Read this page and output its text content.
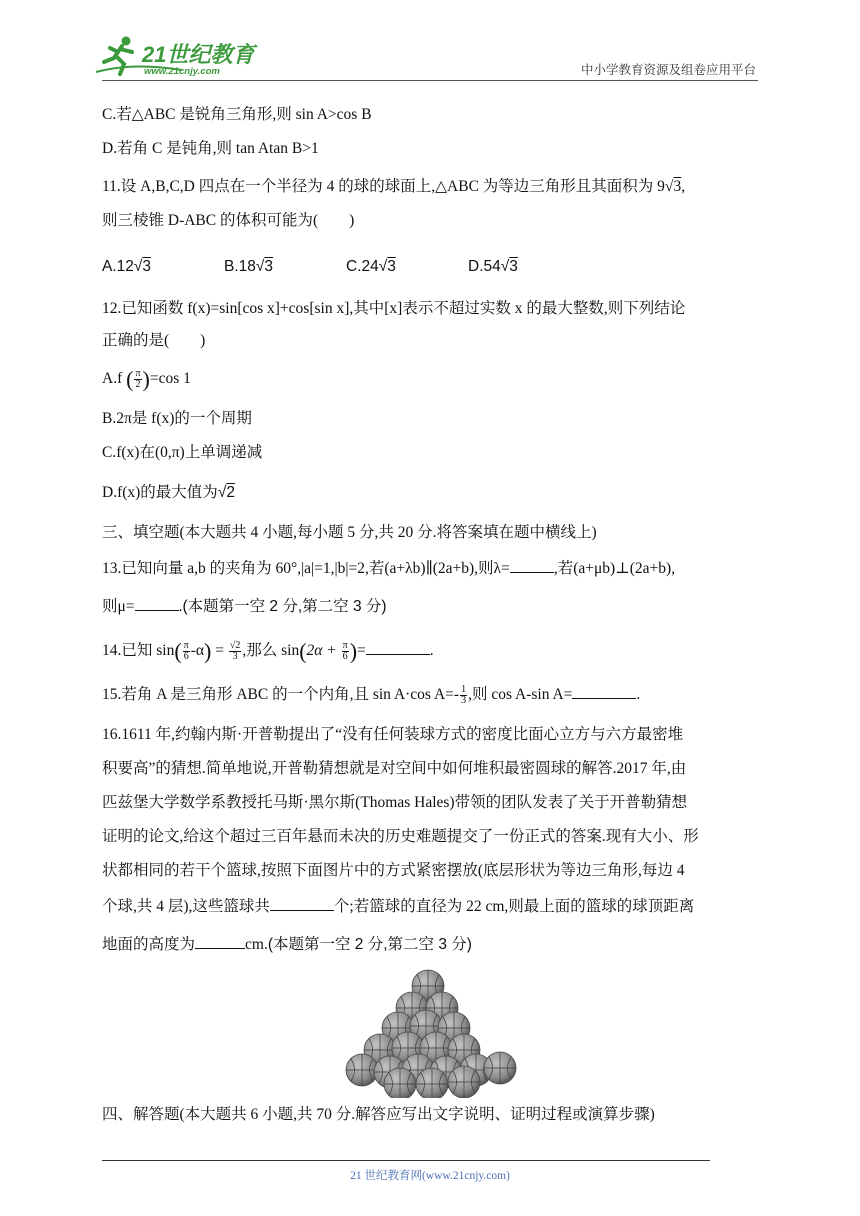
21世纪教育
www.21cnjy.com	中小学教育资源及组卷应用平台
C.若△ABC 是锐角三角形,则 sin A>cos B
D.若角 C 是钝角,则 tan Atan B>1
11.设 A,B,C,D 四点在一个半径为 4 的球的球面上,△ABC 为等边三角形且其面积为 9√3,
则三棱锥 D-ABC 的体积可能为(　　)
A.12√3	B.18√3	C.24√3	D.54√3
12.已知函数 f(x)=sin[cos x]+cos[sin x],其中[x]表示不超过实数 x 的最大整数,则下列结论
正确的是(　　)
A.f ( $\frac{\pi}{2} )=\cos$ 1
B.2π是 f(x)的一个周期
C.f(x)在(0,π)上单调递减
D.f(x)的最大值为√2
三、填空题(本大题共 4 小题,每小题 5 分,共 20 分.将答案填在题中横线上)
13.已知向量 a,b 的夹角为 60°,|a|=1,|b|=2,若(a+λb)∥(2a+b),则λ=	,若(a+μb)⊥(2a+b),
则μ=	.(本题第一空 2 分,第二空 3 分)
14.已知 $\sin( \frac{\pi}{6} -\alpha) = \frac{√2}{3}$ ,那么 $\sin(2\alpha + \frac{\pi}{6}$ )=	.
15.若角 A 是三角形 ABC 的一个内角,且 sin A·cos $A=- \frac{1}{3}$ ,则 cos A-sin A=	.
16.1611 年,约翰内斯·开普勒提出了“没有任何装球方式的密度比面心立方与六方最密堆
积要高”的猜想.简单地说,开普勒猜想就是对空间中如何堆积最密圆球的解答.2017 年,由
匹兹堡大学数学系教授托马斯·黑尔斯(Thomas Hales)带领的团队发表了关于开普勒猜想
证明的论文,给这个超过三百年悬而未决的历史难题提交了一份正式的答案.现有大小、形
状都相同的若干个篮球,按照下面图片中的方式紧密摆放(底层形状为等边三角形,每边 4
个球,共 4 层),这些篮球共	个;若篮球的直径为 22 cm,则最上面的篮球的球顶距离
地面的高度为	cm.(本题第一空 2 分,第二空 3 分)
四、解答题(本大题共 6 小题,共 70 分.解答应写出文字说明、证明过程或演算步骤)
21 世纪教育网(www.21cnjy.com)
